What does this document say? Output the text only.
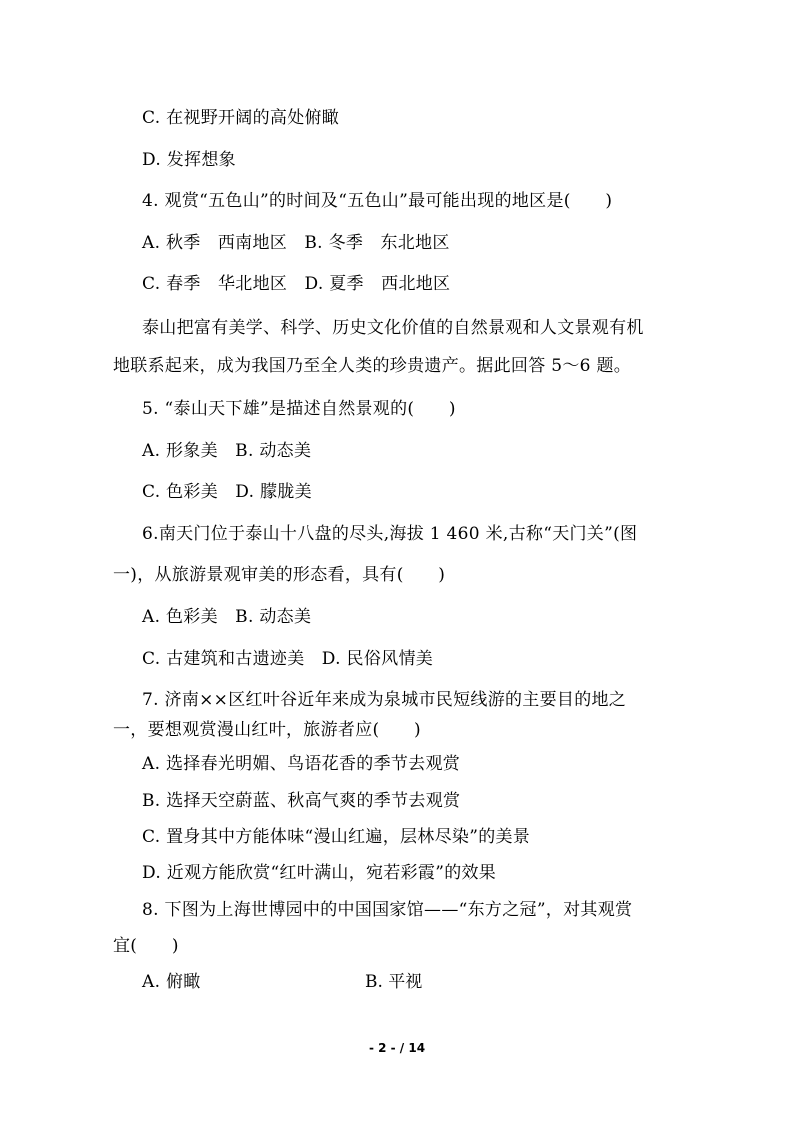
C. 在视野开阔的高处俯瞰
D. 发挥想象
4. 观赏“五色山”的时间及“五色山”最可能出现的地区是(　　)
A. 秋季　西南地区　B. 冬季　东北地区
C. 春季　华北地区　D. 夏季　西北地区
泰山把富有美学、科学、历史文化价值的自然景观和人文景观有机
地联系起来，成为我国乃至全人类的珍贵遗产。据此回答 5～6 题。
5. “泰山天下雄”是描述自然景观的(　　)
A. 形象美　B. 动态美
C. 色彩美　D. 朦胧美
6.南天门位于泰山十八盘的尽头,海拔 1 460 米,古称“天门关”(图
一)，从旅游景观审美的形态看，具有(　　)
A. 色彩美　B. 动态美
C. 古建筑和古遗迹美　D. 民俗风情美
7. 济南××区红叶谷近年来成为泉城市民短线游的主要目的地之
一，要想观赏漫山红叶，旅游者应(　　)
A. 选择春光明媚、鸟语花香的季节去观赏
B. 选择天空蔚蓝、秋高气爽的季节去观赏
C. 置身其中方能体味“漫山红遍，层林尽染”的美景
D. 近观方能欣赏“红叶满山，宛若彩霞”的效果
8. 下图为上海世博园中的中国国家馆——“东方之冠”，对其观赏
宜(　　)
A. 俯瞰	B. 平视
- 2 - / 14
